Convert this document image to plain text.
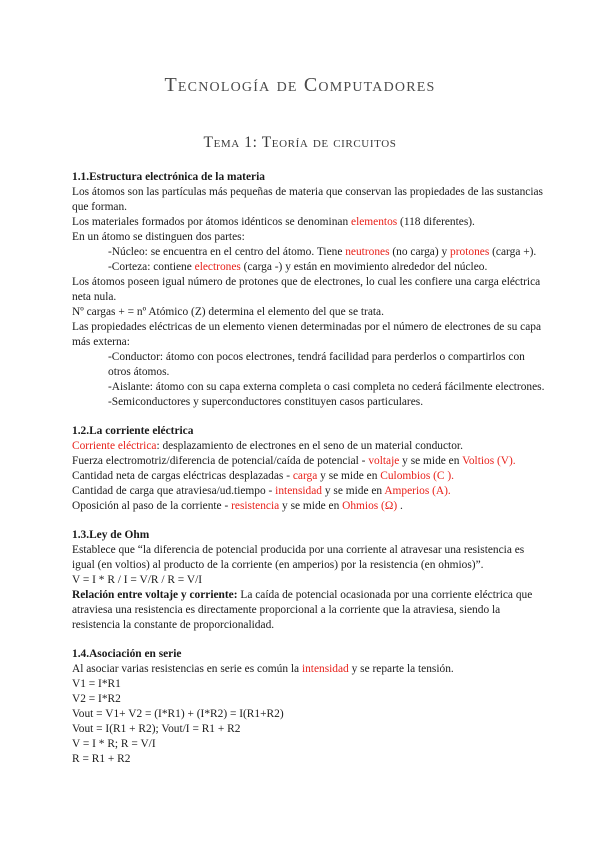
Tecnología de Computadores
Tema 1: Teoría de circuitos
1.1.Estructura electrónica de la materia

Los átomos son las partículas más pequeñas de materia que conservan las propiedades de las sustancias que forman.

Los materiales formados por átomos idénticos se denominan elementos (118 diferentes).

En un átomo se distinguen dos partes:

-Núcleo: se encuentra en el centro del átomo. Tiene neutrones (no carga) y protones (carga +).

-Corteza: contiene electrones (carga -) y están en movimiento alrededor del núcleo.

Los átomos poseen igual número de protones que de electrones, lo cual les confiere una carga eléctrica neta nula.

Nº cargas + = nº Atómico (Z) determina el elemento del que se trata.

Las propiedades eléctricas de un elemento vienen determinadas por el número de electrones de su capa más externa:

-Conductor: átomo con pocos electrones, tendrá facilidad para perderlos o compartirlos con otros átomos.

-Aislante: átomo con su capa externa completa o casi completa no cederá fácilmente electrones.

-Semiconductores y superconductores constituyen casos particulares.

1.2.La corriente eléctrica

Corriente eléctrica: desplazamiento de electrones en el seno de un material conductor.

Fuerza electromotriz/diferencia de potencial/caída de potencial - voltaje y se mide en Voltios (V).

Cantidad neta de cargas eléctricas desplazadas - carga y se mide en Culombios (C ).

Cantidad de carga que atraviesa/ud.tiempo - intensidad y se mide en Amperios (A).

Oposición al paso de la corriente - resistencia y se mide en Ohmios (Ω) .

1.3.Ley de Ohm

Establece que “la diferencia de potencial producida por una corriente al atravesar una resistencia es igual (en voltios) al producto de la corriente (en amperios) por la resistencia (en ohmios)”.

V = I * R / I = V/R / R = V/I

Relación entre voltaje y corriente: La caída de potencial ocasionada por una corriente eléctrica que atraviesa una resistencia es directamente proporcional a la corriente que la atraviesa, siendo la resistencia la constante de proporcionalidad.

1.4.Asociación en serie

Al asociar varias resistencias en serie es común la intensidad y se reparte la tensión.

V1 = I*R1

V2 = I*R2

Vout = V1+ V2 = (I*R1) + (I*R2) = I(R1+R2)

Vout = I(R1 + R2); Vout/I = R1 + R2

V = I * R; R = V/I

R = R1 + R2
